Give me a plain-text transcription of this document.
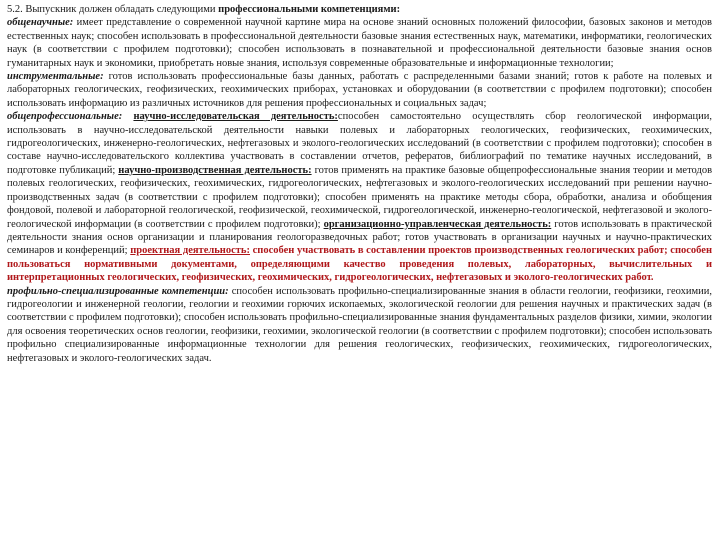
5.2. Выпускник должен обладать следующими профессиональными компетенциями:

общенаучные: имеет представление о современной научной картине мира на основе знаний основных положений философии, базовых законов и методов естественных наук; способен использовать в профессиональной деятельности базовые знания естественных наук, математики, информатики, геологических наук (в соответствии с профилем подготовки); способен использовать в познавательной и профессиональной деятельности базовые знания основ гуманитарных наук и экономики, приобретать новые знания, используя современные образовательные и информационные технологии;

инструментальные: готов использовать профессиональные базы данных, работать с распределенными базами знаний; готов к работе на полевых и лабораторных геологических, геофизических, геохимических приборах, установках и оборудовании (в соответствии с профилем подготовки); способен использовать информацию из различных источников для решения профессиональных и социальных задач;

общепрофессиональные: научно-исследовательская деятельность:способен самостоятельно осуществлять сбор геологической информации, использовать в научно-исследовательской деятельности навыки полевых и лабораторных геологических, геофизических, геохимических, гидрогеологических, инженерно-геологических, нефтегазовых и эколого-геологических исследований (в соответствии с профилем подготовки); способен в составе научно-исследовательского коллектива участвовать в составлении отчетов, рефератов, библиографий по тематике научных исследований, в подготовке публикаций; научно-производственная деятельность: готов применять на практике базовые общепрофессиональные знания теории и методов полевых геологических, геофизических, геохимических, гидрогеологических, нефтегазовых и эколого-геологических исследований при решении научно-производственных задач (в соответствии с профилем подготовки); способен применять на практике методы сбора, обработки, анализа и обобщения фондовой, полевой и лабораторной геологической, геофизической, геохимической, гидрогеологической, инженерно-геологической, нефтегазовой и эколого-геологической информации (в соответствии с профилем подготовки); организационно-управленческая деятельность: готов использовать в практической деятельности знания основ организации и планирования геологоразведочных работ; готов участвовать в организации научных и научно-практических семинаров и конференций; проектная деятельность: способен участвовать в составлении проектов производственных геологических работ; способен пользоваться нормативными документами, определяющими качество проведения полевых, лабораторных, вычислительных и интерпретационных геологических, геофизических, геохимических, гидрогеологических, нефтегазовых и эколого-геологических работ.

профильно-специализированные компетенции: способен использовать профильно-специализированные знания в области геологии, геофизики, геохимии, гидрогеологии и инженерной геологии, геологии и геохимии горючих ископаемых, экологической геологии для решения научных и практических задач (в соответствии с профилем подготовки); способен использовать профильно-специализированные знания фундаментальных разделов физики, химии, экологии для освоения теоретических основ геологии, геофизики, геохимии, экологической геологии (в соответствии с профилем подготовки); способен использовать профильно специализированные информационные технологии для решения геологических, геофизических, геохимических, гидрогеологических, нефтегазовых и эколого-геологических задач.
